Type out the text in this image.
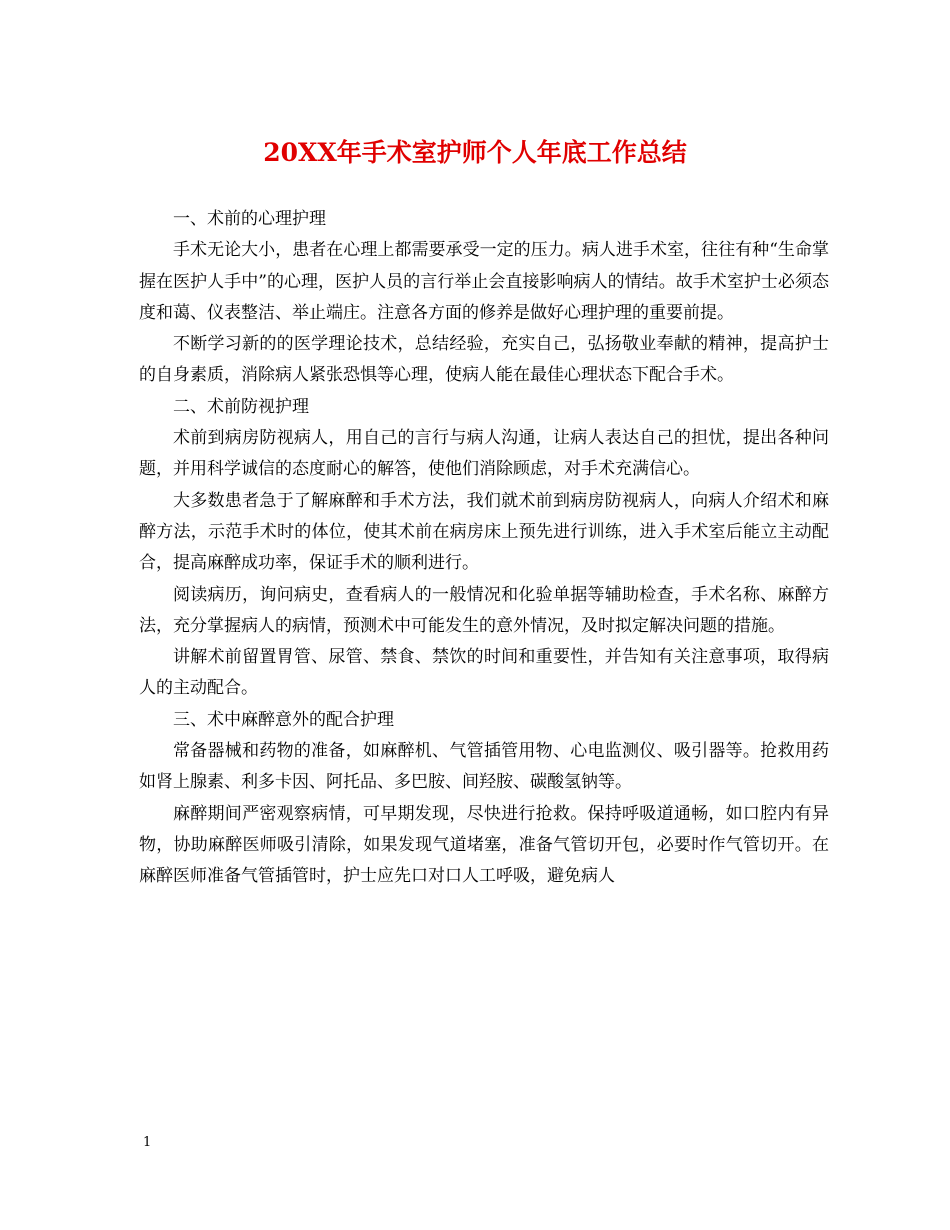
20XX年手术室护师个人年底工作总结

一、术前的心理护理

手术无论大小，患者在心理上都需要承受一定的压力。病人进手术室，往往有种“生命掌握在医护人手中”的心理，医护人员的言行举止会直接影响病人的情结。故手术室护士必须态度和蔼、仪表整洁、举止端庄。注意各方面的修养是做好心理护理的重要前提。

不断学习新的的医学理论技术，总结经验，充实自己，弘扬敬业奉献的精神，提高护士的自身素质，消除病人紧张恐惧等心理，使病人能在最佳心理状态下配合手术。

二、术前防视护理

术前到病房防视病人，用自己的言行与病人沟通，让病人表达自己的担忧，提出各种问题，并用科学诚信的态度耐心的解答，使他们消除顾虑，对手术充满信心。

大多数患者急于了解麻醉和手术方法，我们就术前到病房防视病人，向病人介绍术和麻醉方法，示范手术时的体位，使其术前在病房床上预先进行训练，进入手术室后能立主动配合，提高麻醉成功率，保证手术的顺利进行。

阅读病历，询问病史，查看病人的一般情况和化验单据等辅助检查，手术名称、麻醉方法，充分掌握病人的病情，预测术中可能发生的意外情况，及时拟定解决问题的措施。

讲解术前留置胃管、尿管、禁食、禁饮的时间和重要性，并告知有关注意事项，取得病人的主动配合。

三、术中麻醉意外的配合护理

常备器械和药物的准备，如麻醉机、气管插管用物、心电监测仪、吸引器等。抢救用药如肾上腺素、利多卡因、阿托品、多巴胺、间羟胺、碳酸氢钠等。

麻醉期间严密观察病情，可早期发现，尽快进行抢救。保持呼吸道通畅，如口腔内有异物，协助麻醉医师吸引清除，如果发现气道堵塞，准备气管切开包，必要时作气管切开。在麻醉医师准备气管插管时，护士应先口对口人工呼吸，避免病人

1
